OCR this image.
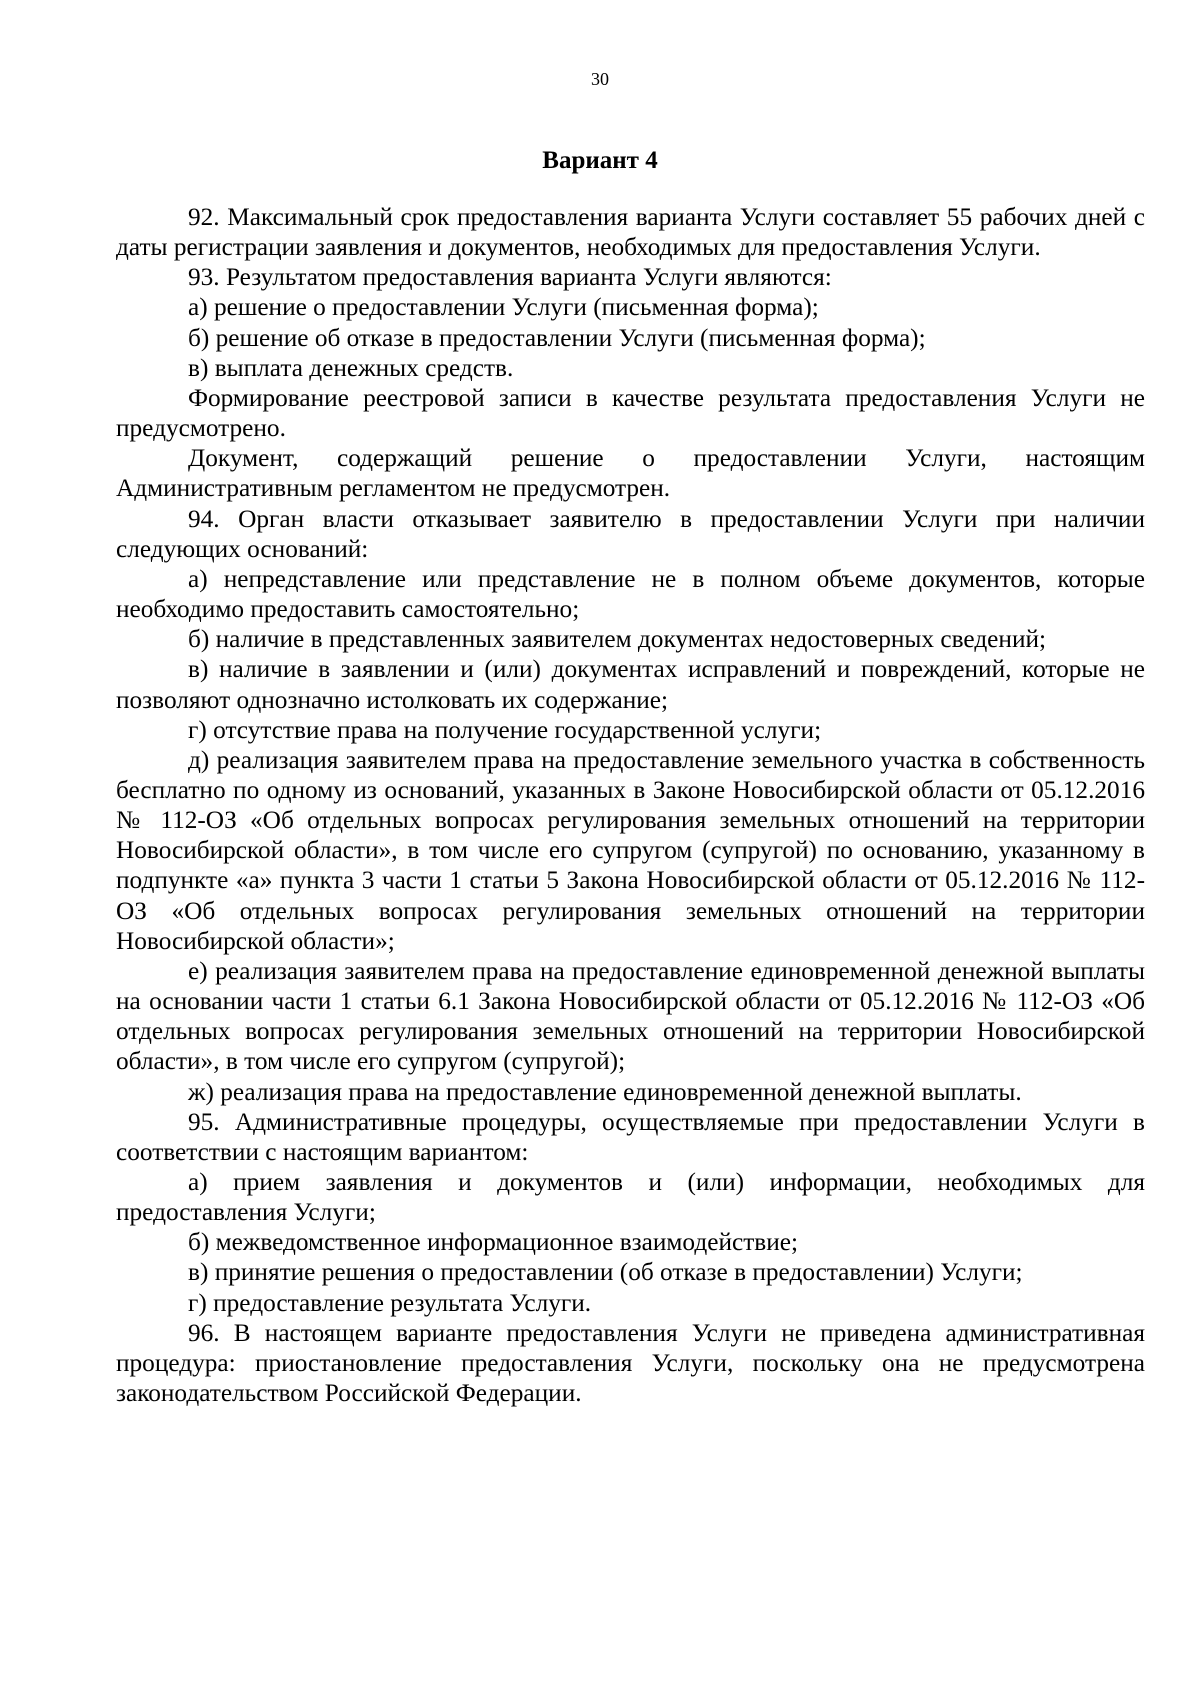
30
Вариант 4

92. Максимальный срок предоставления варианта Услуги составляет 55 рабочих дней с даты регистрации заявления и документов, необходимых для предоставления Услуги.

93. Результатом предоставления варианта Услуги являются:

а) решение о предоставлении Услуги (письменная форма);

б) решение об отказе в предоставлении Услуги (письменная форма);

в) выплата денежных средств.

Формирование реестровой записи в качестве результата предоставления Услуги не предусмотрено.

Документ, содержащий решение о предоставлении Услуги, настоящим Административным регламентом не предусмотрен.

94. Орган власти отказывает заявителю в предоставлении Услуги при наличии следующих оснований:

а) непредставление или представление не в полном объеме документов, которые необходимо предоставить самостоятельно;

б) наличие в представленных заявителем документах недостоверных сведений;

в) наличие в заявлении и (или) документах исправлений и повреждений, которые не позволяют однозначно истолковать их содержание;

г) отсутствие права на получение государственной услуги;

д) реализация заявителем права на предоставление земельного участка в собственность бесплатно по одному из оснований, указанных в Законе Новосибирской области от 05.12.2016 № 112-ОЗ «Об отдельных вопросах регулирования земельных отношений на территории Новосибирской области», в том числе его супругом (супругой) по основанию, указанному в подпункте «а» пункта 3 части 1 статьи 5 Закона Новосибирской области от 05.12.2016 № 112-ОЗ «Об отдельных вопросах регулирования земельных отношений на территории Новосибирской области»;

е) реализация заявителем права на предоставление единовременной денежной выплаты на основании части 1 статьи 6.1 Закона Новосибирской области от 05.12.2016 № 112-ОЗ «Об отдельных вопросах регулирования земельных отношений на территории Новосибирской области», в том числе его супругом (супругой);

ж) реализация права на предоставление единовременной денежной выплаты.

95. Административные процедуры, осуществляемые при предоставлении Услуги в соответствии с настоящим вариантом:

а) прием заявления и документов и (или) информации, необходимых для предоставления Услуги;

б) межведомственное информационное взаимодействие;

в) принятие решения о предоставлении (об отказе в предоставлении) Услуги;

г) предоставление результата Услуги.

96. В настоящем варианте предоставления Услуги не приведена административная процедура: приостановление предоставления Услуги, поскольку она не предусмотрена законодательством Российской Федерации.
